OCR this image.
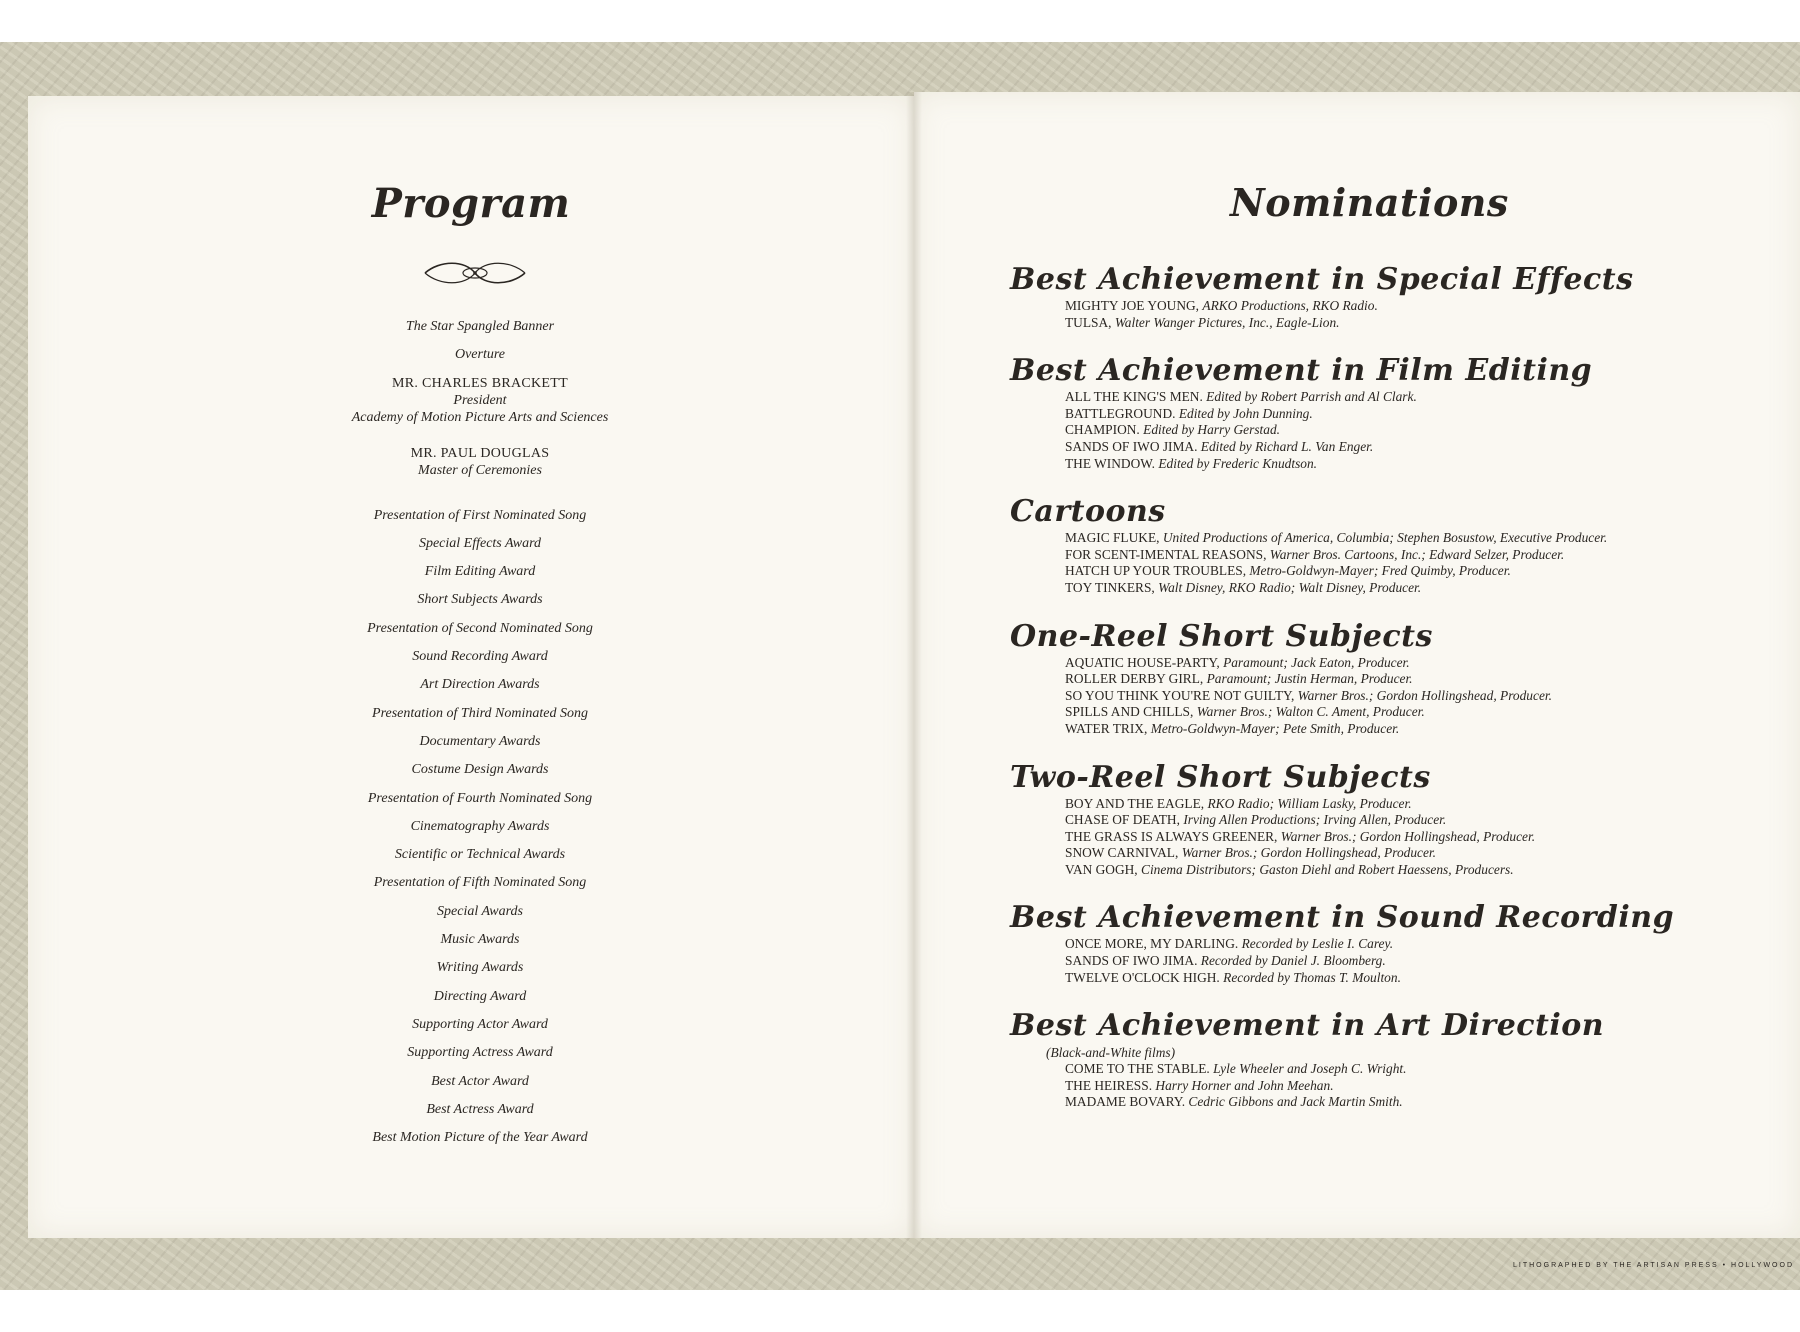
Program
The Star Spangled Banner
Overture
MR. CHARLES BRACKETT
President
Academy of Motion Picture Arts and Sciences
MR. PAUL DOUGLAS
Master of Ceremonies
Presentation of First Nominated Song
Special Effects Award
Film Editing Award
Short Subjects Awards
Presentation of Second Nominated Song
Sound Recording Award
Art Direction Awards
Presentation of Third Nominated Song
Documentary Awards
Costume Design Awards
Presentation of Fourth Nominated Song
Cinematography Awards
Scientific or Technical Awards
Presentation of Fifth Nominated Song
Special Awards
Music Awards
Writing Awards
Directing Award
Supporting Actor Award
Supporting Actress Award
Best Actor Award
Best Actress Award
Best Motion Picture of the Year Award
Nominations
Best Achievement in Special Effects
MIGHTY JOE YOUNG, ARKO Productions, RKO Radio.
TULSA, Walter Wanger Pictures, Inc., Eagle-Lion.
Best Achievement in Film Editing
ALL THE KING'S MEN. Edited by Robert Parrish and Al Clark.
BATTLEGROUND. Edited by John Dunning.
CHAMPION. Edited by Harry Gerstad.
SANDS OF IWO JIMA. Edited by Richard L. Van Enger.
THE WINDOW. Edited by Frederic Knudtson.
Cartoons
MAGIC FLUKE, United Productions of America, Columbia; Stephen Bosustow, Executive Producer.
FOR SCENT-IMENTAL REASONS, Warner Bros. Cartoons, Inc.; Edward Selzer, Producer.
HATCH UP YOUR TROUBLES, Metro-Goldwyn-Mayer; Fred Quimby, Producer.
TOY TINKERS, Walt Disney, RKO Radio; Walt Disney, Producer.
One-Reel Short Subjects
AQUATIC HOUSE-PARTY, Paramount; Jack Eaton, Producer.
ROLLER DERBY GIRL, Paramount; Justin Herman, Producer.
SO YOU THINK YOU'RE NOT GUILTY, Warner Bros.; Gordon Hollingshead, Producer.
SPILLS AND CHILLS, Warner Bros.; Walton C. Ament, Producer.
WATER TRIX, Metro-Goldwyn-Mayer; Pete Smith, Producer.
Two-Reel Short Subjects
BOY AND THE EAGLE, RKO Radio; William Lasky, Producer.
CHASE OF DEATH, Irving Allen Productions; Irving Allen, Producer.
THE GRASS IS ALWAYS GREENER, Warner Bros.; Gordon Hollingshead, Producer.
SNOW CARNIVAL, Warner Bros.; Gordon Hollingshead, Producer.
VAN GOGH, Cinema Distributors; Gaston Diehl and Robert Haessens, Producers.
Best Achievement in Sound Recording
ONCE MORE, MY DARLING. Recorded by Leslie I. Carey.
SANDS OF IWO JIMA. Recorded by Daniel J. Bloomberg.
TWELVE O'CLOCK HIGH. Recorded by Thomas T. Moulton.
Best Achievement in Art Direction
(Black-and-White films)
COME TO THE STABLE. Lyle Wheeler and Joseph C. Wright.
THE HEIRESS. Harry Horner and John Meehan.
MADAME BOVARY. Cedric Gibbons and Jack Martin Smith.
LITHOGRAPHED BY THE ARTISAN PRESS • HOLLYWOOD
